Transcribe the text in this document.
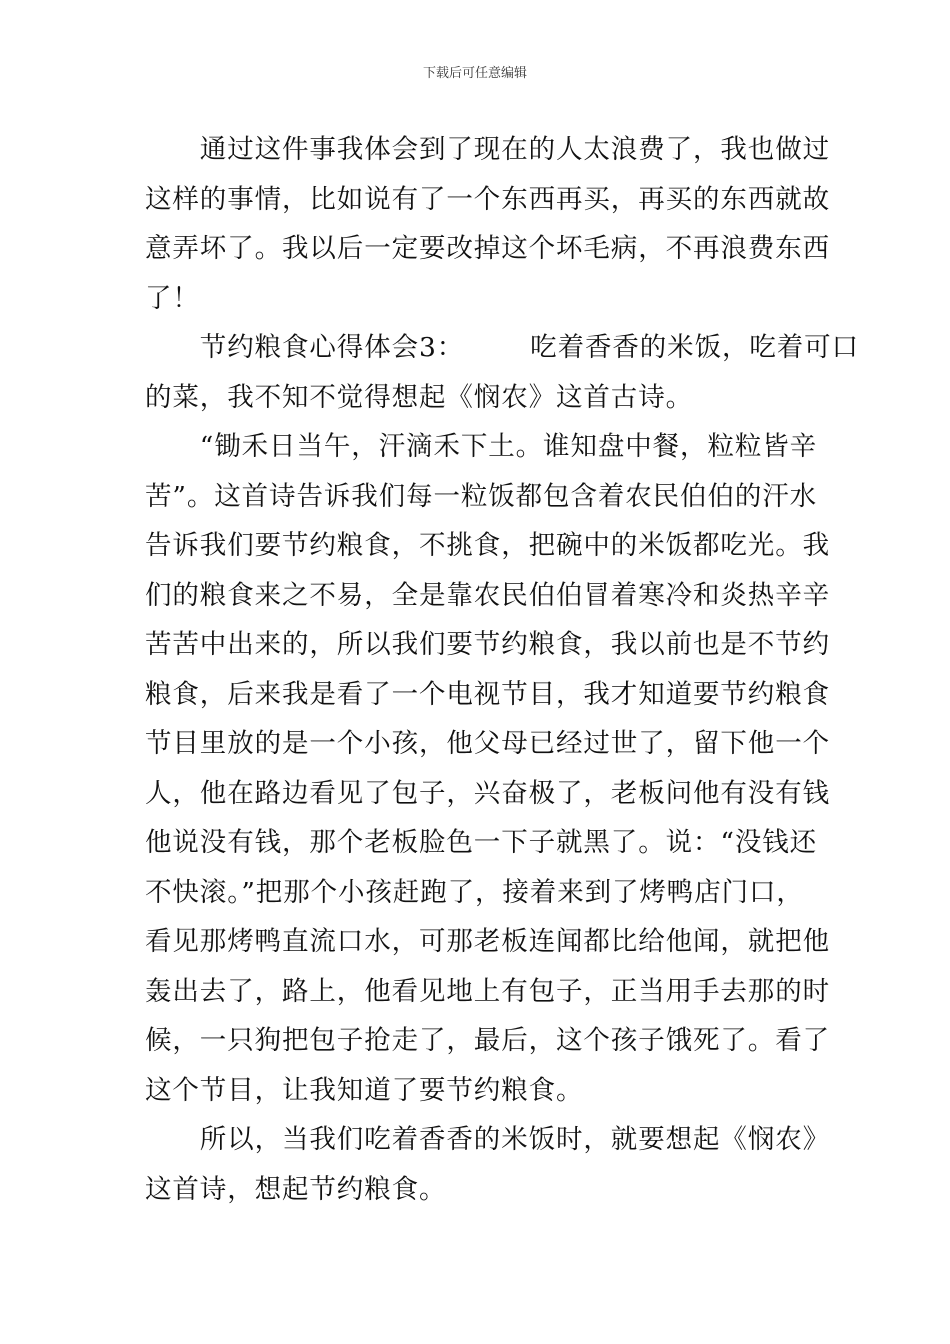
下载后可任意编辑
　　通过这件事我体会到了现在的人太浪费了，我也做过
这样的事情，比如说有了一个东西再买，再买的东西就故
意弄坏了。我以后一定要改掉这个坏毛病，不再浪费东西
了！
　　节约粮食心得体会3： 吃着香香的米饭，吃着可口
的菜，我不知不觉得想起《悯农》这首古诗。
　　“锄禾日当午，汗滴禾下土。谁知盘中餐，粒粒皆辛
苦”。这首诗告诉我们每一粒饭都包含着农民伯伯的汗水
告诉我们要节约粮食，不挑食，把碗中的米饭都吃光。我
们的粮食来之不易，全是靠农民伯伯冒着寒冷和炎热辛辛
苦苦中出来的，所以我们要节约粮食，我以前也是不节约
粮食，后来我是看了一个电视节目，我才知道要节约粮食
节目里放的是一个小孩，他父母已经过世了，留下他一个
人，他在路边看见了包子，兴奋极了，老板问他有没有钱
他说没有钱，那个老板脸色一下子就黑了。说：“没钱还
不快滚。”把那个小孩赶跑了，接着来到了烤鸭店门口，
看见那烤鸭直流口水，可那老板连闻都比给他闻，就把他
轰出去了，路上，他看见地上有包子，正当用手去那的时
候，一只狗把包子抢走了，最后，这个孩子饿死了。看了
这个节目，让我知道了要节约粮食。
　　所以，当我们吃着香香的米饭时，就要想起《悯农》
这首诗，想起节约粮食。
